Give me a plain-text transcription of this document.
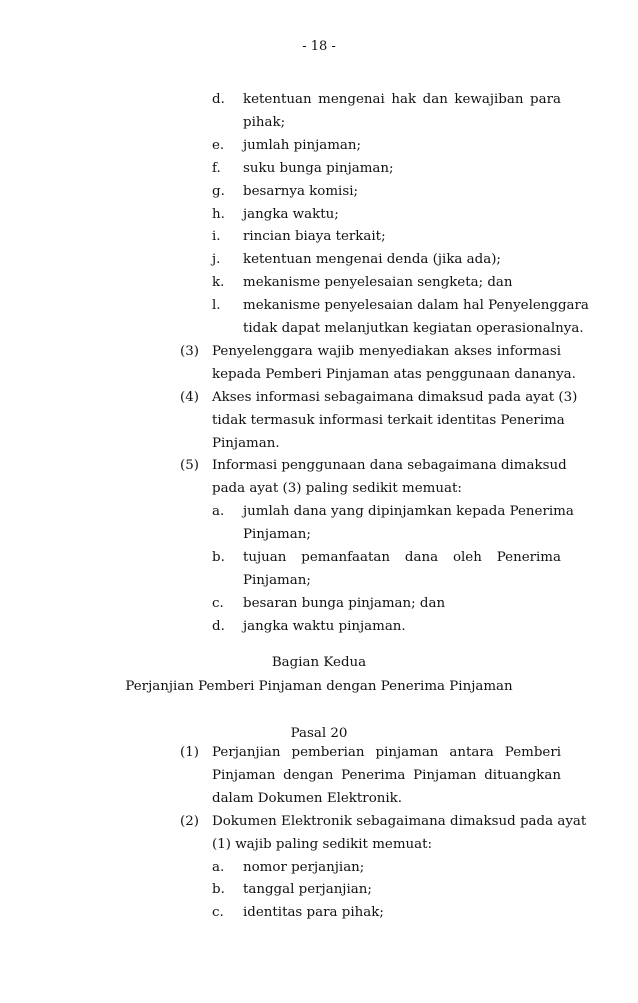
- 18 -
d. ketentuan mengenai hak dan kewajiban para
pihak;
e. jumlah pinjaman;
f. suku bunga pinjaman;
g. besarnya komisi;
h. jangka waktu;
i. rincian biaya terkait;
j. ketentuan mengenai denda (jika ada);
k. mekanisme penyelesaian sengketa; dan
l. mekanisme penyelesaian dalam hal Penyelenggara
tidak dapat melanjutkan kegiatan operasionalnya.
(3) Penyelenggara wajib menyediakan akses informasi
kepada Pemberi Pinjaman atas penggunaan dananya.
(4) Akses informasi sebagaimana dimaksud pada ayat (3)
tidak termasuk informasi terkait identitas Penerima
Pinjaman.
(5) Informasi penggunaan dana sebagaimana dimaksud
pada ayat (3) paling sedikit memuat:
a. jumlah dana yang dipinjamkan kepada Penerima
Pinjaman;
b. tujuan pemanfaatan dana oleh Penerima
Pinjaman;
c. besaran bunga pinjaman; dan
d. jangka waktu pinjaman.
Bagian Kedua
Perjanjian Pemberi Pinjaman dengan Penerima Pinjaman
Pasal 20
(1) Perjanjian pemberian pinjaman antara Pemberi
Pinjaman dengan Penerima Pinjaman dituangkan
dalam Dokumen Elektronik.
(2) Dokumen Elektronik sebagaimana dimaksud pada ayat
(1) wajib paling sedikit memuat:
a. nomor perjanjian;
b. tanggal perjanjian;
c. identitas para pihak;
